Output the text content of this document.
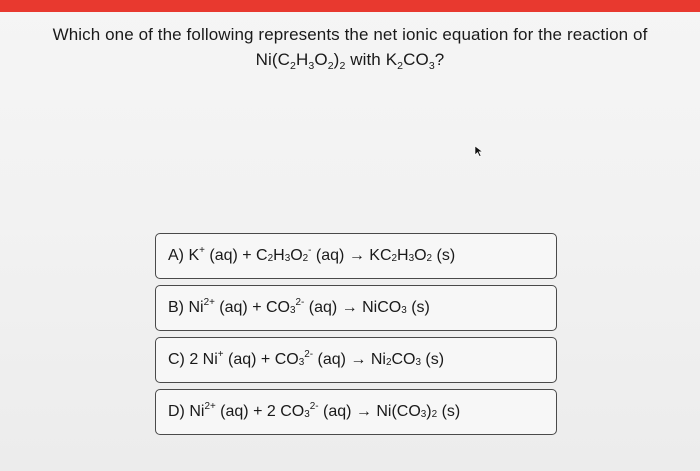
Which one of the following represents the net ionic equation for the reaction of
$Ni(C_2H_3O_2)_2$ with $K_2CO_3$?
A) K+ $(aq) + C_2$ $H_3$ $O_2$
- $(aq) \to KC_2$ $H_3$ $O_2$ (s)
B) $Ni^{2+}$ $(aq) + CO_3$
$^{2-}$ (aq) → NiCO$_3$ (s)
C) 2 Ni+ $(aq) + CO_3$
$^{2-}$ $(aq) \to Ni_2$ $CO_3$ (s)
D) $Ni^{2+}$ (aq) + 2 $CO_3$
$^{2-}$ $(aq) \to Ni(CO_3$ )$_2$ (s)
